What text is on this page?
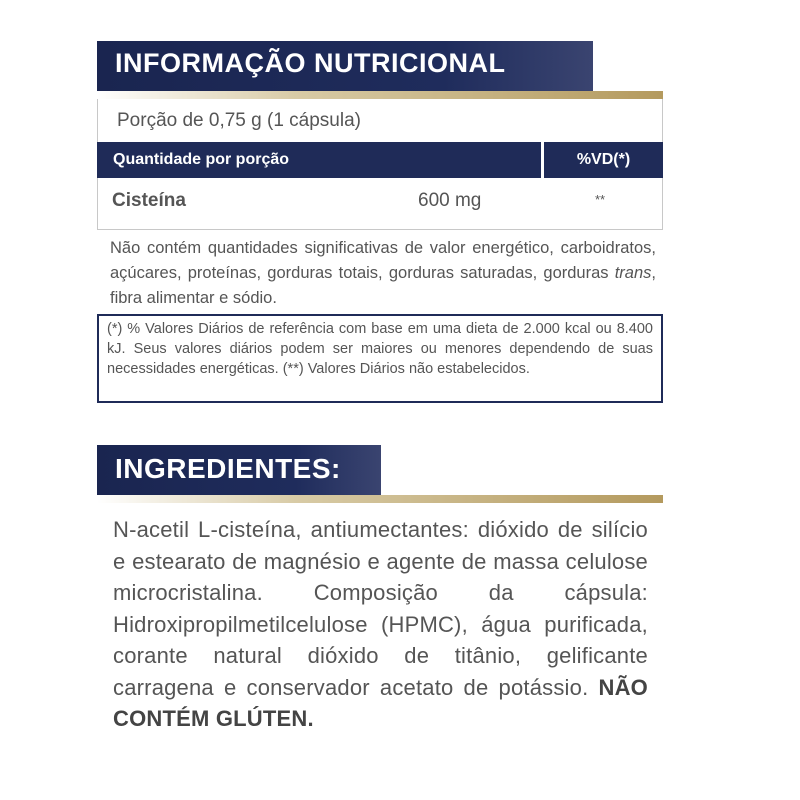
INFORMAÇÃO NUTRICIONAL
Porção de 0,75 g (1 cápsula)
Quantidade por porção	%VD(*)
Cisteína	600 mg	**
Não contém quantidades significativas de valor energético, carboidratos, açúcares, proteínas, gorduras totais, gorduras saturadas, gorduras trans, fibra alimentar e sódio.
(*) % Valores Diários de referência com base em uma dieta de 2.000 kcal ou 8.400 kJ. Seus valores diários podem ser maiores ou menores dependendo de suas necessidades energéticas. (**) Valores Diários não estabelecidos.
INGREDIENTES:
N-acetil L-cisteína, antiumectantes: dióxido de silício e estearato de magnésio e agente de massa celulose microcristalina. Composição da cápsula: Hidroxipropilmetilcelulose (HPMC), água purificada, corante natural dióxido de titânio, gelificante carragena e conservador acetato de potássio. NÃO CONTÉM GLÚTEN.
